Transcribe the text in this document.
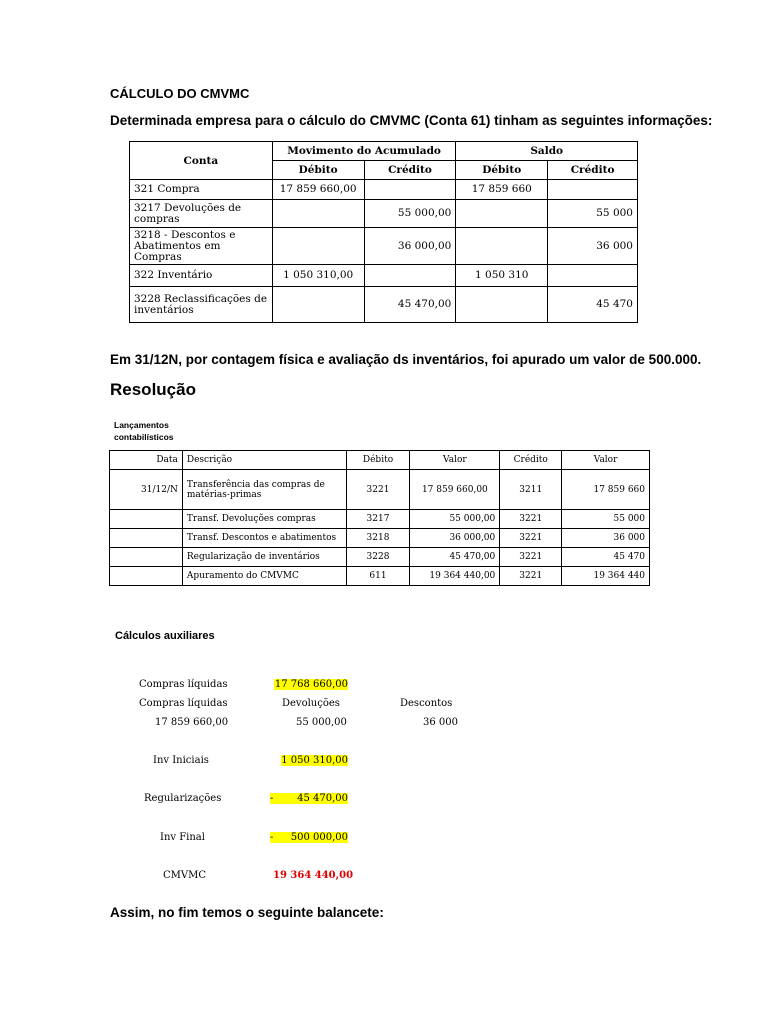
CÁLCULO DO CMVMC
Determinada empresa para o cálculo do CMVMC (Conta 61) tinham as seguintes informações:
Conta	Movimento do Acumulado		Saldo	
	Débito	Crédito	Débito	Crédito
321 Compra	17 859 660,00		17 859 660	
3217 Devoluções de compras		55 000,00		55 000
3218 - Descontos e Abatimentos em Compras		36 000,00		36 000
322 Inventário	1 050 310,00		1 050 310	
3228 Reclassificações de inventários		45 470,00		45 470
Em 31/12N, por contagem física e avaliação ds inventários, foi apurado um valor de 500.000.
Resolução
Lançamentos contabilísticos
Data	Descrição	Débito	Valor	Crédito	Valor
31/12/N	Transferência das compras de matérias-primas	3221	17 859 660,00	3211	17 859 660
	Transf. Devoluções compras	3217	55 000,00	3221	55 000
	Transf. Descontos e abatimentos	3218	36 000,00	3221	36 000
	Regularização de inventários	3228	45 470,00	3221	45 470
	Apuramento do CMVMC	611	19 364 440,00	3221	19 364 440
Cálculos auxiliares
Compras líquidas	17 768 660,00
Compras líquidas	Devoluções	Descontos
17 859 660,00	55 000,00	36 000
Inv Iniciais	1 050 310,00
Regularizações	-	45 470,00
Inv Final	-	500 000,00
CMVMC	19 364 440,00
Assim, no fim temos o seguinte balancete:
